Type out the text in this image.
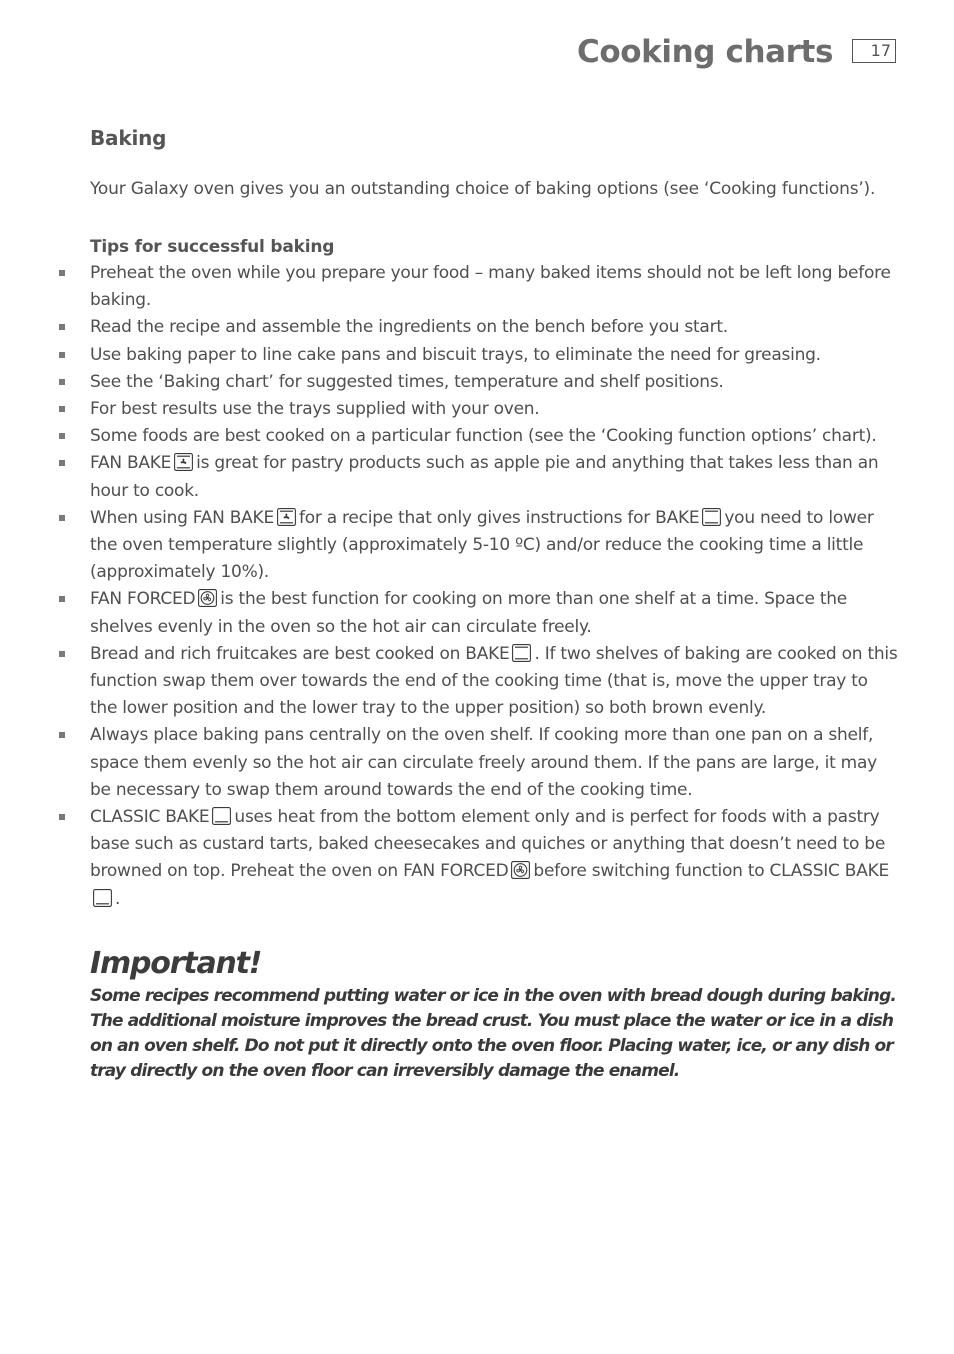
Cooking charts	17
Baking

Your Galaxy oven gives you an outstanding choice of baking options (see ‘Cooking functions’).

Tips for successful baking
Preheat the oven while you prepare your food – many baked items should not be left long before baking.
Read the recipe and assemble the ingredients on the bench before you start.
Use baking paper to line cake pans and biscuit trays, to eliminate the need for greasing.
See the ‘Baking chart’ for suggested times, temperature and shelf positions.
For best results use the trays supplied with your oven.
Some foods are best cooked on a particular function (see the ‘Cooking function options’ chart).
FAN BAKE is great for pastry products such as apple pie and anything that takes less than an hour to cook.
When using FAN BAKE for a recipe that only gives instructions for BAKE you need to lower the oven temperature slightly (approximately 5-10 ºC) and/or reduce the cooking time a little (approximately 10%).
FAN FORCED is the best function for cooking on more than one shelf at a time. Space the shelves evenly in the oven so the hot air can circulate freely.
Bread and rich fruitcakes are best cooked on BAKE . If two shelves of baking are cooked on this function swap them over towards the end of the cooking time (that is, move the upper tray to the lower position and the lower tray to the upper position) so both brown evenly.
Always place baking pans centrally on the oven shelf. If cooking more than one pan on a shelf, space them evenly so the hot air can circulate freely around them. If the pans are large, it may be necessary to swap them around towards the end of the cooking time.
CLASSIC BAKE uses heat from the bottom element only and is perfect for foods with a pastry base such as custard tarts, baked cheesecakes and quiches or anything that doesn’t need to be browned on top. Preheat the oven on FAN FORCED before switching function to CLASSIC BAKE
.
Important!
Some recipes recommend putting water or ice in the oven with bread dough during baking. The additional moisture improves the bread crust. You must place the water or ice in a dish on an oven shelf. Do not put it directly onto the oven floor. Placing water, ice, or any dish or tray directly on the oven floor can irreversibly damage the enamel.
